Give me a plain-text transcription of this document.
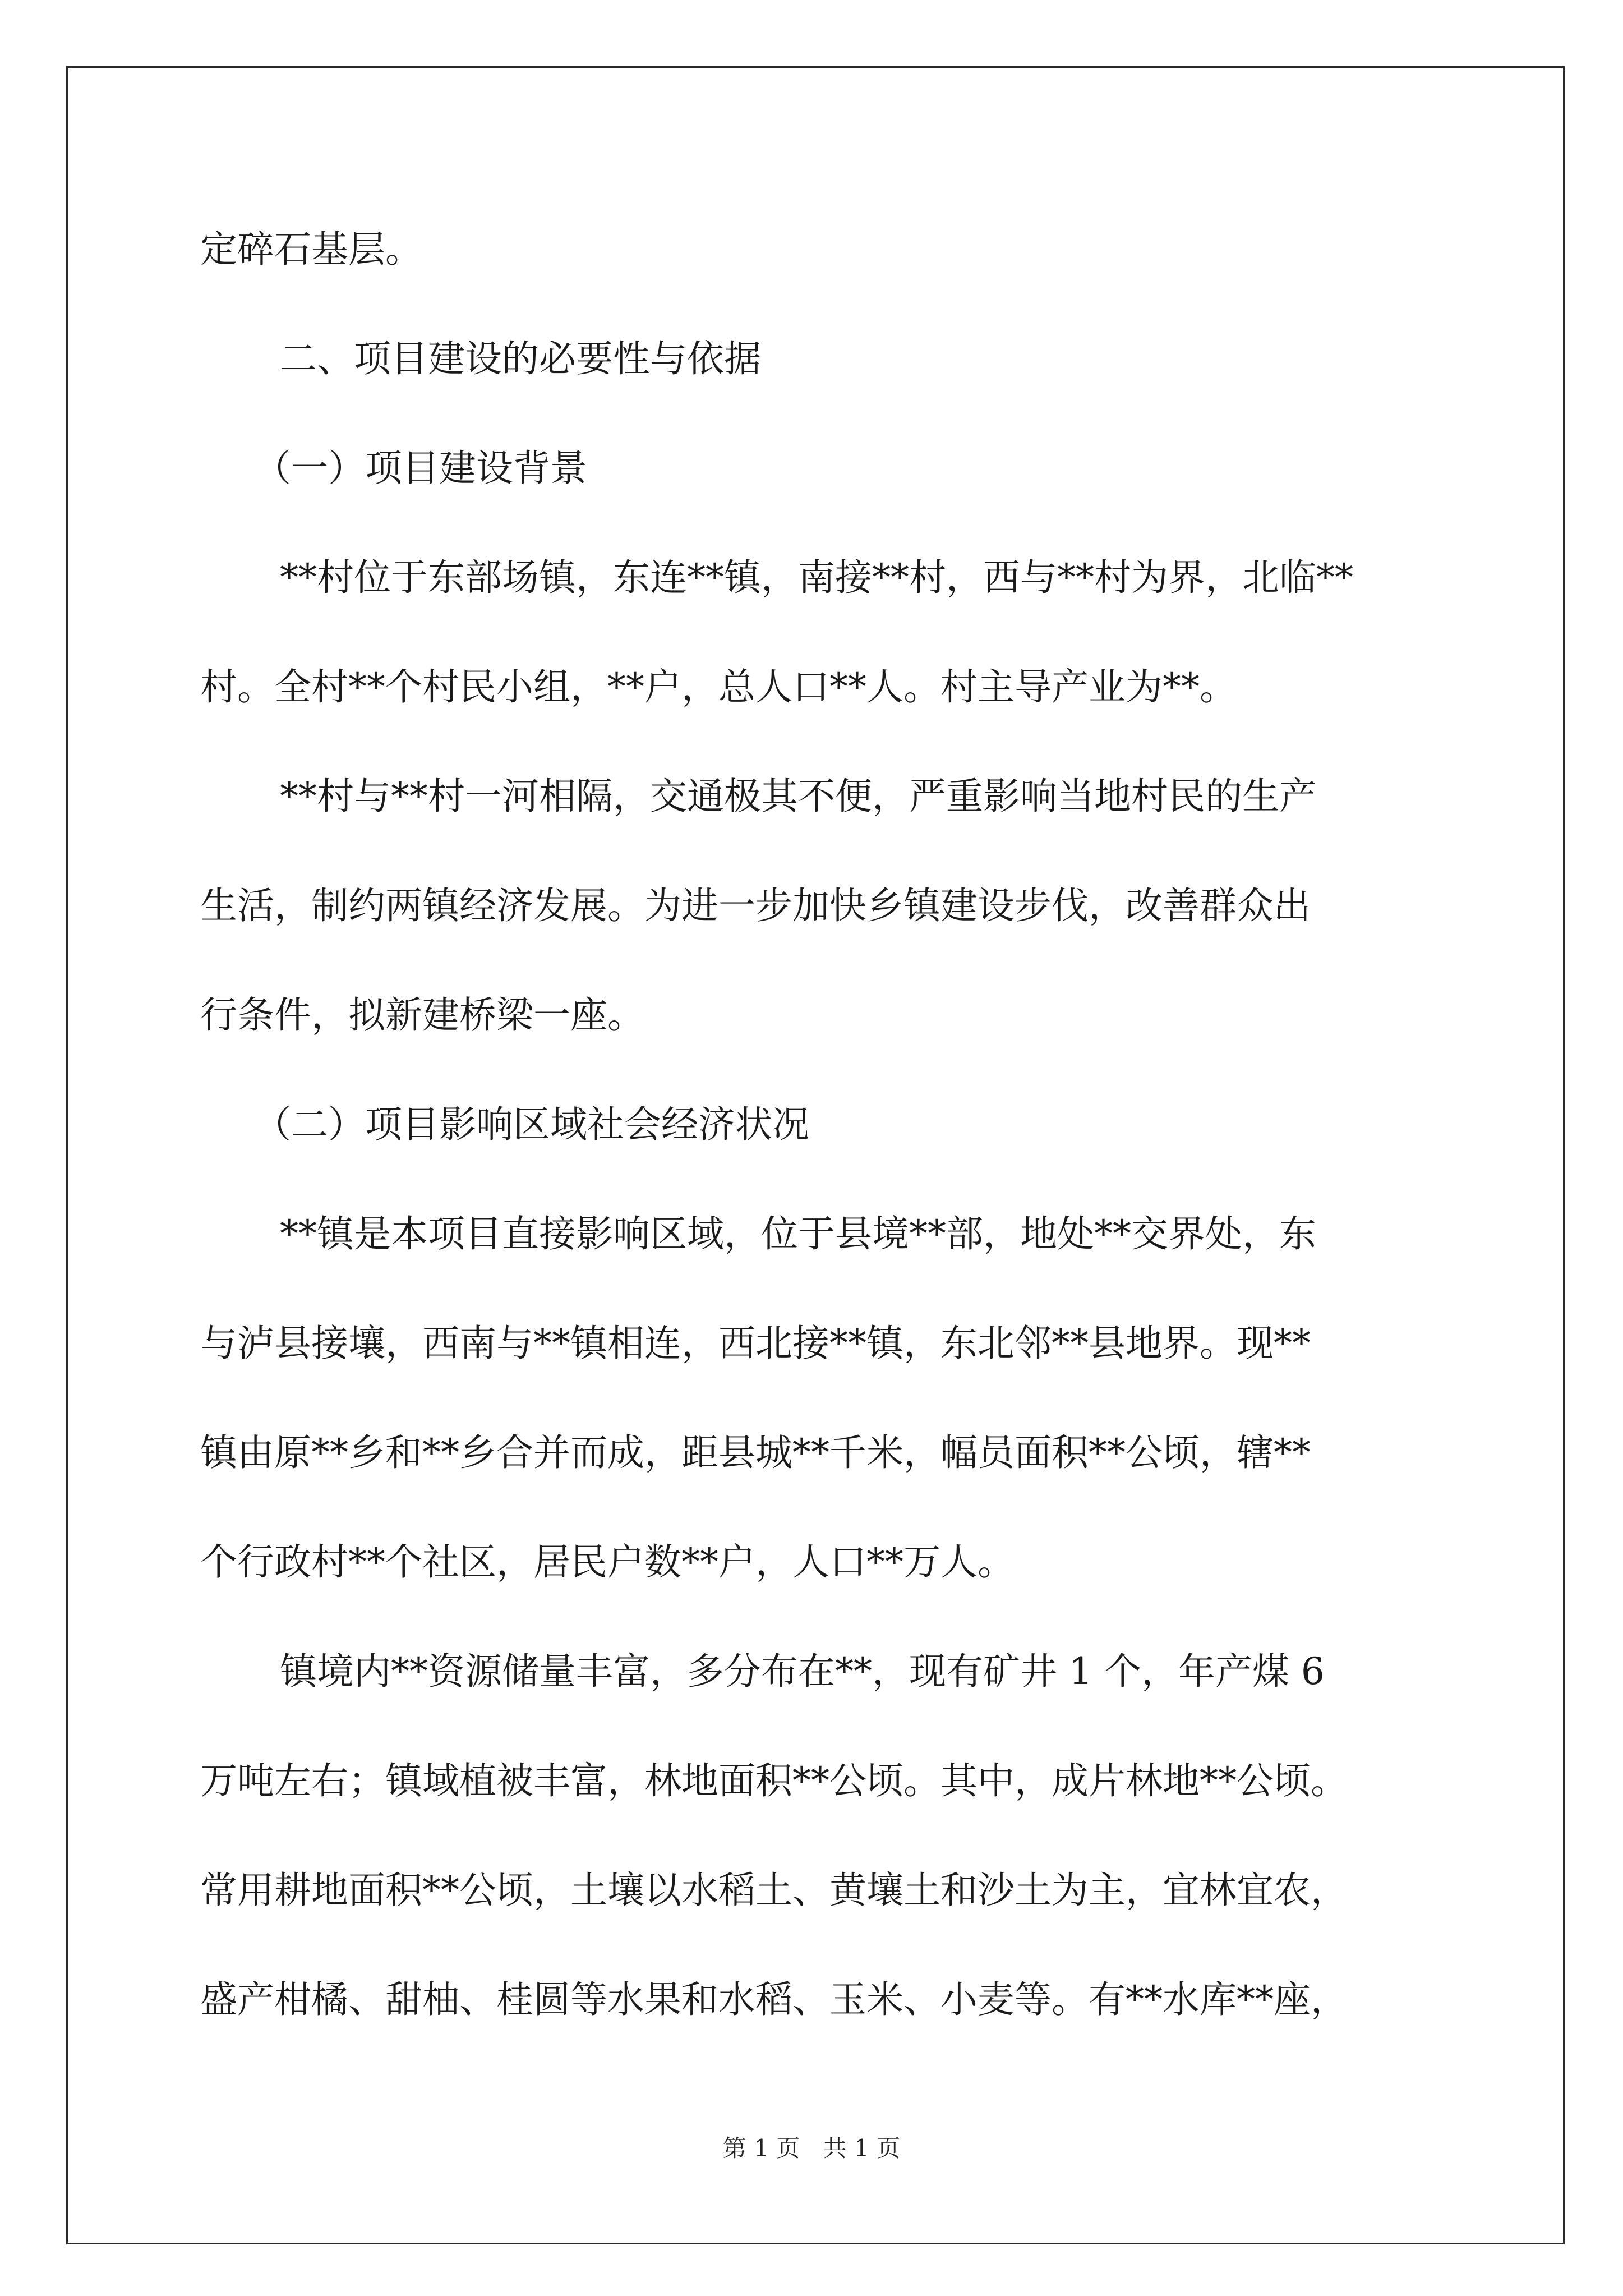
定碎石基层。
二、项目建设的必要性与依据
（一）项目建设背景
**村位于东部场镇，东连**镇，南接**村，西与**村为界，北临**
村。全村**个村民小组，**户，总人口**人。村主导产业为**。
**村与**村一河相隔，交通极其不便，严重影响当地村民的生产
生活，制约两镇经济发展。为进一步加快乡镇建设步伐，改善群众出
行条件，拟新建桥梁一座。
（二）项目影响区域社会经济状况
**镇是本项目直接影响区域，位于县境**部，地处**交界处，东
与泸县接壤，西南与**镇相连，西北接**镇，东北邻**县地界。现**
镇由原**乡和**乡合并而成，距县城**千米，幅员面积**公顷，辖**
个行政村**个社区，居民户数**户，人口**万人。
镇境内**资源储量丰富，多分布在**，现有矿井 1 个，年产煤 6
万吨左右；镇域植被丰富，林地面积**公顷。其中，成片林地**公顷。
常用耕地面积**公顷，土壤以水稻土、黄壤土和沙土为主，宜林宜农，
盛产柑橘、甜柚、桂圆等水果和水稻、玉米、小麦等。有**水库**座，
第 1 页 共 1 页
